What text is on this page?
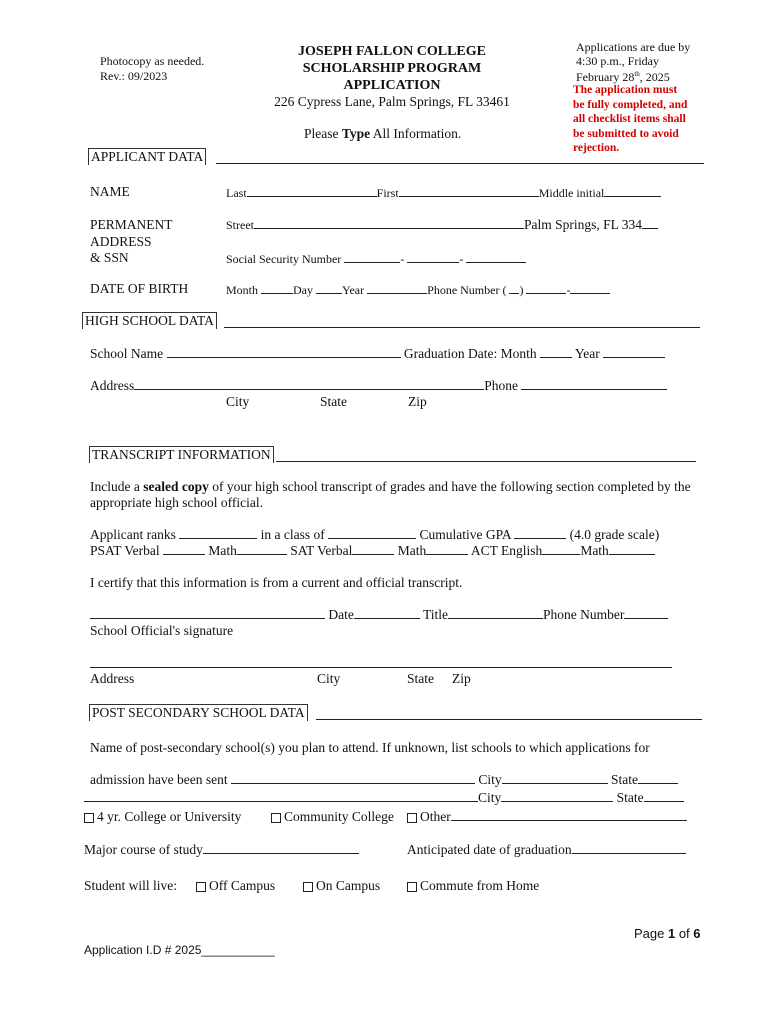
Photocopy as needed.
Rev.: 09/2023
JOSEPH FALLON COLLEGE
SCHOLARSHIP PROGRAM
APPLICATION
226 Cypress Lane, Palm Springs, FL 33461
Please Type All Information.
Applications are due by
4:30 p.m., Friday
February 28th, 2025
The application must
be fully completed, and
all checklist items shall
be submitted to avoid
rejection.
APPLICANT DATA
NAME	Last	First	Middle initial
PERMANENT
ADDRESS
& SSN
Street	Palm Springs, FL 334
Social Security Number	-	-
DATE OF BIRTH	Month	Day Year	Phone Number ( )	-
HIGH SCHOOL DATA
School Name	Graduation Date: Month	Year
Address	Phone
City	State	Zip
TRANSCRIPT INFORMATION
Include a sealed copy of your high school transcript of grades and have the following section completed by the
appropriate high school official.
Applicant ranks	in a class of	Cumulative GPA	(4.0 grade scale)
PSAT Verbal	Math	SAT Verbal	Math	ACT English	Math
I certify that this information is from a current and official transcript.
Date	Title	Phone Number
School Official's signature
Address	City	State Zip
POST SECONDARY SCHOOL DATA
Name of post-secondary school(s) you plan to attend. If unknown, list schools to which applications for
admission have been sent	City	State
City	State
4 yr. College or University	Community College	Other
Major course of study	Anticipated date of graduation
Student will live:	Off Campus	On Campus	Commute from Home
Page 1 of 6
Application I.D # 2025___________
